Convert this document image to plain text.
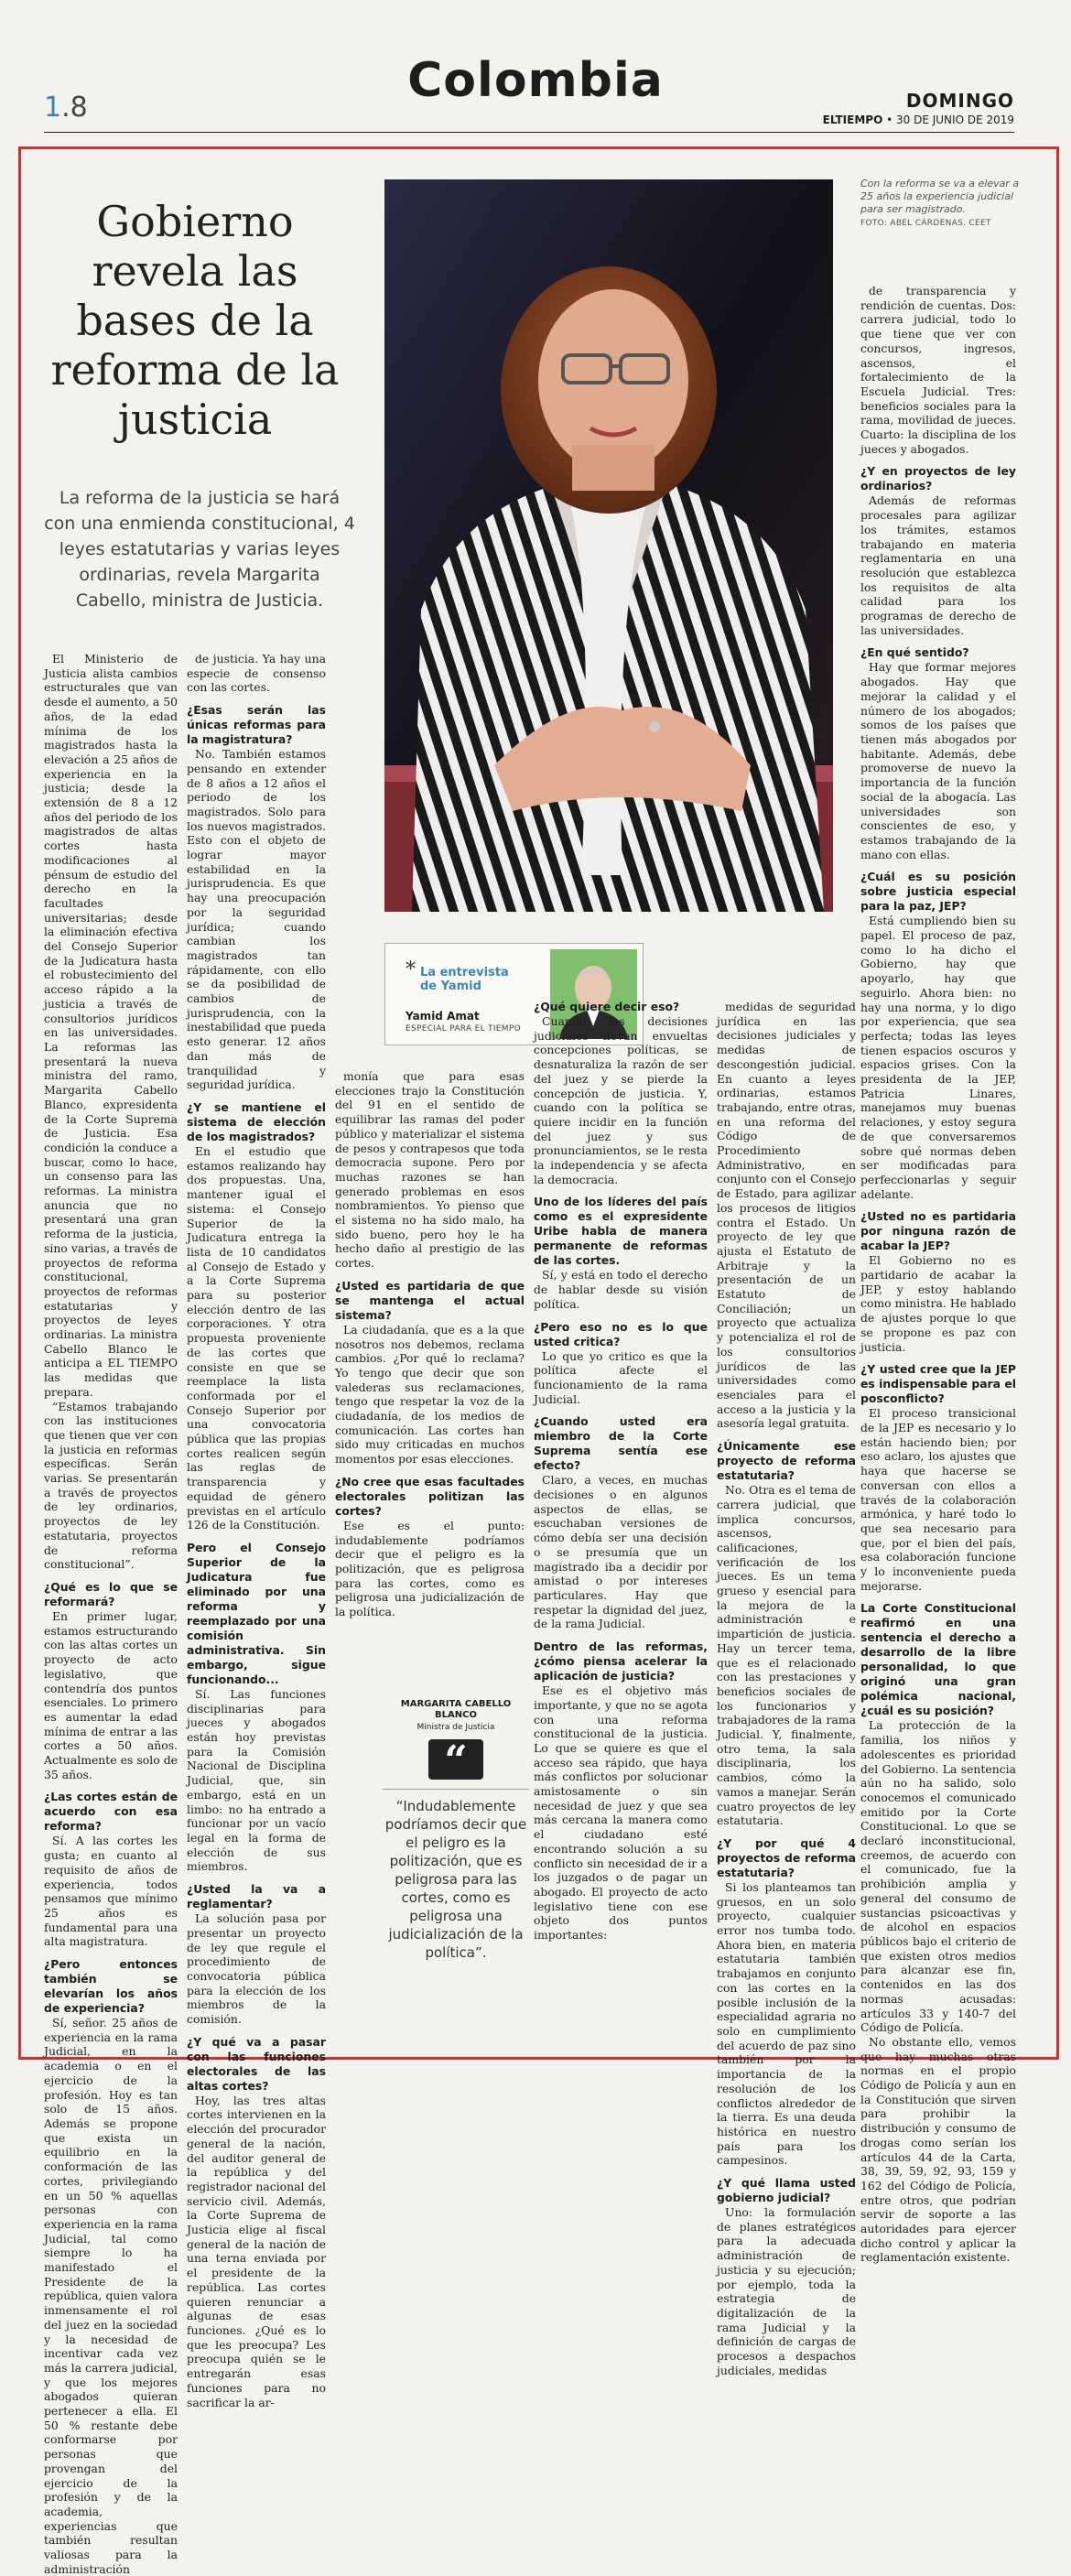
1.8	Colombia	DOMINGO
ELTIEMPO • 30 DE JUNIO DE 2019
Gobierno revela las bases de la reforma de la justicia

La reforma de la justicia se hará con una enmienda constitucional, 4 leyes estatutarias y varias leyes ordinarias, revela Margarita Cabello, ministra de Justicia.

Con la reforma se va a elevar a 25 años la experiencia judicial para ser magistrado.
FOTO: ABEL CÁRDENAS. CEET

El Ministerio de Justicia alista cambios estructurales que van desde el aumento, a 50 años, de la edad mínima de los magistrados hasta la elevación a 25 años de experiencia en la justicia; desde la extensión de 8 a 12 años del periodo de los magistrados de altas cortes hasta modificaciones al pénsum de estudio del derecho en la facultades universitarias; desde la eliminación efectiva del Consejo Superior de la Judicatura hasta el robustecimiento del acceso rápido a la justicia a través de consultorios jurídicos en las universidades. La reformas las presentará la nueva ministra del ramo, Margarita Cabello Blanco, expresidenta de la Corte Suprema de Justicia. Esa condición la conduce a buscar, como lo hace, un consenso para las reformas. La ministra anuncia que no presentará una gran reforma de la justicia, sino varias, a través de proyectos de reforma constitucional, proyectos de reformas estatutarias y proyectos de leyes ordinarias. La ministra Cabello Blanco le anticipa a EL TIEMPO las medidas que prepara.

“Estamos trabajando con las instituciones que tienen que ver con la justicia en reformas específicas. Serán varias. Se presentarán a través de proyectos de ley ordinarios, proyectos de ley estatutaria, proyectos de reforma constitucional”.

¿Qué es lo que se reformará?

En primer lugar, estamos estructurando con las altas cortes un proyecto de acto legislativo, que contendría dos puntos esenciales. Lo primero es aumentar la edad mínima de entrar a las cortes a 50 años. Actualmente es solo de 35 años.

¿Las cortes están de acuerdo con esa reforma?

Sí. A las cortes les gusta; en cuanto al requisito de años de experiencia, todos pensamos que mínimo 25 años es fundamental para una alta magistratura.

¿Pero entonces también se elevarían los años de experiencia?

Sí, señor. 25 años de experiencia en la rama Judicial, en la academia o en el ejercicio de la profesión. Hoy es tan solo de 15 años. Además se propone que exista un equilibrio en la conformación de las cortes, privilegiando en un 50 % aquellas personas con experiencia en la rama Judicial, tal como siempre lo ha manifestado el Presidente de la república, quien valora inmensamente el rol del juez en la sociedad y la necesidad de incentivar cada vez más la carrera judicial, y que los mejores abogados quieran pertenecer a ella. El 50 % restante debe conformarse por personas que provengan del ejercicio de la profesión y de la academia, experiencias que también resultan valiosas para la administración

de justicia. Ya hay una especie de consenso con las cortes.

¿Esas serán las únicas reformas para la magistratura?

No. También estamos pensando en extender de 8 años a 12 años el periodo de los magistrados. Solo para los nuevos magistrados. Esto con el objeto de lograr mayor estabilidad en la jurisprudencia. Es que hay una preocupación por la seguridad jurídica; cuando cambian los magistrados tan rápidamente, con ello se da posibilidad de cambios de jurisprudencia, con la inestabilidad que pueda esto generar. 12 años dan más de tranquilidad y seguridad jurídica.

¿Y se mantiene el sistema de elección de los magistrados?

En el estudio que estamos realizando hay dos propuestas. Una, mantener igual el sistema: el Consejo Superior de la Judicatura entrega la lista de 10 candidatos al Consejo de Estado y a la Corte Suprema para su posterior elección dentro de las corporaciones. Y otra propuesta proveniente de las cortes que consiste en que se reemplace la lista conformada por el Consejo Superior por una convocatoria pública que las propias cortes realicen según las reglas de transparencia y equidad de género previstas en el artículo 126 de la Constitución.

Pero el Consejo Superior de la Judicatura fue eliminado por una reforma y reemplazado por una comisión administrativa. Sin embargo, sigue funcionando...

Sí. Las funciones disciplinarias para jueces y abogados están hoy previstas para la Comisión Nacional de Disciplina Judicial, que, sin embargo, está en un limbo: no ha entrado a funcionar por un vacío legal en la forma de elección de sus miembros.

¿Usted la va a reglamentar?

La solución pasa por presentar un proyecto de ley que regule el procedimiento de convocatoria pública para la elección de los miembros de la comisión.

¿Y qué va a pasar con las funciones electorales de las altas cortes?

Hoy, las tres altas cortes intervienen en la elección del procurador general de la nación, del auditor general de la república y del registrador nacional del servicio civil. Además, la Corte Suprema de Justicia elige al fiscal general de la nación de una terna enviada por el presidente de la república. Las cortes quieren renunciar a algunas de esas funciones. ¿Qué es lo que les preocupa? Les preocupa quién se le entregarán esas funciones para no sacrificar la ar-

* La entrevista
de Yamid
Yamid Amat
ESPECIAL PARA EL TIEMPO

monía que para esas elecciones trajo la Constitución del 91 en el sentido de equilibrar las ramas del poder público y materializar el sistema de pesos y contrapesos que toda democracia supone. Pero por muchas razones se han generado problemas en esos nombramientos. Yo pienso que el sistema no ha sido malo, ha sido bueno, pero hoy le ha hecho daño al prestigio de las cortes.

¿Usted es partidaria de que se mantenga el actual sistema?

La ciudadanía, que es a la que nosotros nos debemos, reclama cambios. ¿Por qué lo reclama? Yo tengo que decir que son valederas sus reclamaciones, tengo que respetar la voz de la ciudadanía, de los medios de comunicación. Las cortes han sido muy criticadas en muchos momentos por esas elecciones.

¿No cree que esas facultades electorales politizan las cortes?

Ese es el punto: indudablemente podríamos decir que el peligro es la politización, que es peligrosa para las cortes, como es peligrosa una judicialización de la política.

MARGARITA CABELLO
BLANCO
Ministra de Justicia
“
“Indudablemente podríamos decir que el peligro es la politización, que es peligrosa para las cortes, como es peligrosa una judicialización de la política”.

¿Qué quiere decir eso?

Cuando las decisiones judiciales llevan envueltas concepciones políticas, se desnaturaliza la razón de ser del juez y se pierde la concepción de justicia. Y, cuando con la política se quiere incidir en la función del juez y sus pronunciamientos, se le resta la independencia y se afecta la democracia.

Uno de los líderes del país como es el expresidente Uribe habla de manera permanente de reformas de las cortes.

Sí, y está en todo el derecho de hablar desde su visión política.

¿Pero eso no es lo que usted critica?

Lo que yo critico es que la política afecte el funcionamiento de la rama Judicial.

¿Cuando usted era miembro de la Corte Suprema sentía ese efecto?

Claro, a veces, en muchas decisiones o en algunos aspectos de ellas, se escuchaban versiones de cómo debía ser una decisión o se presumía que un magistrado iba a decidir por amistad o por intereses particulares. Hay que respetar la dignidad del juez, de la rama Judicial.

Dentro de las reformas, ¿cómo piensa acelerar la aplicación de justicia?

Ese es el objetivo más importante, y que no se agota con una reforma constitucional de la justicia. Lo que se quiere es que el acceso sea rápido, que haya más conflictos por solucionar amistosamente o sin necesidad de juez y que sea más cercana la manera como el ciudadano esté encontrando solución a su conflicto sin necesidad de ir a los juzgados o de pagar un abogado. El proyecto de acto legislativo tiene con ese objeto dos puntos importantes:

medidas de seguridad jurídica en las decisiones judiciales y medidas de descongestión judicial. En cuanto a leyes ordinarias, estamos trabajando, entre otras, en una reforma del Código de Procedimiento Administrativo, en conjunto con el Consejo de Estado, para agilizar los procesos de litigios contra el Estado. Un proyecto de ley que ajusta el Estatuto de Arbitraje y la presentación de un Estatuto de Conciliación; un proyecto que actualiza y potencializa el rol de los consultorios jurídicos de las universidades como esenciales para el acceso a la justicia y la asesoría legal gratuita.

¿Únicamente ese proyecto de reforma estatutaria?

No. Otra es el tema de carrera judicial, que implica concursos, ascensos, calificaciones, verificación de los jueces. Es un tema grueso y esencial para la mejora de la administración e impartición de justicia. Hay un tercer tema, que es el relacionado con las prestaciones y beneficios sociales de los funcionarios y trabajadores de la rama Judicial. Y, finalmente, otro tema, la sala disciplinaria, los cambios, cómo la vamos a manejar. Serán cuatro proyectos de ley estatutaria.

¿Y por qué 4 proyectos de reforma estatutaria?

Si los planteamos tan gruesos, en un solo proyecto, cualquier error nos tumba todo. Ahora bien, en materia estatutaria también trabajamos en conjunto con las cortes en la posible inclusión de la especialidad agraria no solo en cumplimiento del acuerdo de paz sino también por la importancia de la resolución de los conflictos alrededor de la tierra. Es una deuda histórica en nuestro país para los campesinos.

¿Y qué llama usted gobierno judicial?

Uno: la formulación de planes estratégicos para la adecuada administración de justicia y su ejecución; por ejemplo, toda la estrategia de digitalización de la rama Judicial y la definición de cargas de procesos a despachos judiciales, medidas

de transparencia y rendición de cuentas. Dos: carrera judicial, todo lo que tiene que ver con concursos, ingresos, ascensos, el fortalecimiento de la Escuela Judicial. Tres: beneficios sociales para la rama, movilidad de jueces. Cuarto: la disciplina de los jueces y abogados.

¿Y en proyectos de ley ordinarios?

Además de reformas procesales para agilizar los trámites, estamos trabajando en materia reglamentaria en una resolución que establezca los requisitos de alta calidad para los programas de derecho de las universidades.

¿En qué sentido?

Hay que formar mejores abogados. Hay que mejorar la calidad y el número de los abogados; somos de los países que tienen más abogados por habitante. Además, debe promoverse de nuevo la importancia de la función social de la abogacía. Las universidades son conscientes de eso, y estamos trabajando de la mano con ellas.

¿Cuál es su posición sobre justicia especial para la paz, JEP?

Está cumpliendo bien su papel. El proceso de paz, como lo ha dicho el Gobierno, hay que apoyarlo, hay que seguirlo. Ahora bien: no hay una norma, y lo digo por experiencia, que sea perfecta; todas las leyes tienen espacios oscuros y espacios grises. Con la presidenta de la JEP, Patricia Linares, manejamos muy buenas relaciones, y estoy segura de que conversaremos sobre qué normas deben ser modificadas para perfeccionarlas y seguir adelante.

¿Usted no es partidaria por ninguna razón de acabar la JEP?

El Gobierno no es partidario de acabar la JEP, y estoy hablando como ministra. He hablado de ajustes porque lo que se propone es paz con justicia.

¿Y usted cree que la JEP es indispensable para el posconflicto?

El proceso transicional de la JEP es necesario y lo están haciendo bien; por eso aclaro, los ajustes que haya que hacerse se conversan con ellos a través de la colaboración armónica, y haré todo lo que sea necesario para que, por el bien del país, esa colaboración funcione y lo inconveniente pueda mejorarse.

La Corte Constitucional reafirmó en una sentencia el derecho a desarrollo de la libre personalidad, lo que originó una gran polémica nacional, ¿cuál es su posición?

La protección de la familia, los niños y adolescentes es prioridad del Gobierno. La sentencia aún no ha salido, solo conocemos el comunicado emitido por la Corte Constitucional. Lo que se declaró inconstitucional, creemos, de acuerdo con el comunicado, fue la prohibición amplia y general del consumo de sustancias psicoactivas y de alcohol en espacios públicos bajo el criterio de que existen otros medios para alcanzar ese fin, contenidos en las dos normas acusadas: artículos 33 y 140-7 del Código de Policía.

No obstante ello, vemos que hay muchas otras normas en el propio Código de Policía y aun en la Constitución que sirven para prohibir la distribución y consumo de drogas como serían los artículos 44 de la Carta, 38, 39, 59, 92, 93, 159 y 162 del Código de Policía, entre otros, que podrían servir de soporte a las autoridades para ejercer dicho control y aplicar la reglamentación existente.
